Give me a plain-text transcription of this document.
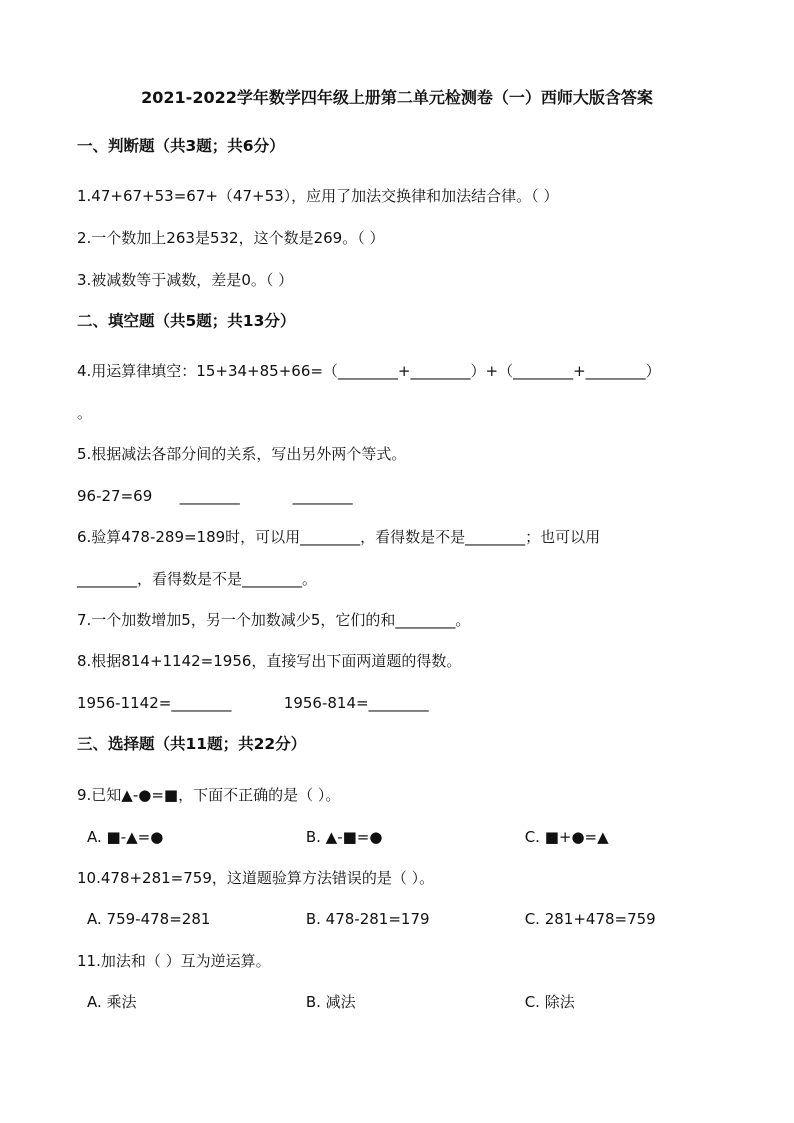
2021-2022学年数学四年级上册第二单元检测卷（一）西师大版含答案
一、判断题（共3题；共6分）
1.47+67+53=67+（47+53），应用了加法交换律和加法结合律。（ ）
2.一个数加上263是532，这个数是269。（ ）
3.被减数等于减数，差是0。（ ）
二、填空题（共5题；共13分）
4.用运算律填空：15+34+85+66=（________+________）+（________+________）
。
5.根据减法各部分间的关系，写出另外两个等式。
96-27=69 ________	________
6.验算478-289=189时，可以用________，看得数是不是________；也可以用
________，看得数是不是________。
7.一个加数增加5，另一个加数减少5，它们的和________。
8.根据814+1142=1956，直接写出下面两道题的得数。
1956-1142=________	1956-814=________
三、选择题（共11题；共22分）
9.已知▲-●=■，下面不正确的是（ ）。
A. ■-▲=●	B. ▲-■=●	C. ■+●=▲
10.478+281=759，这道题验算方法错误的是（ ）。
A. 759-478=281	B. 478-281=179	C. 281+478=759
11.加法和（ ）互为逆运算。
A. 乘法	B. 减法	C. 除法
